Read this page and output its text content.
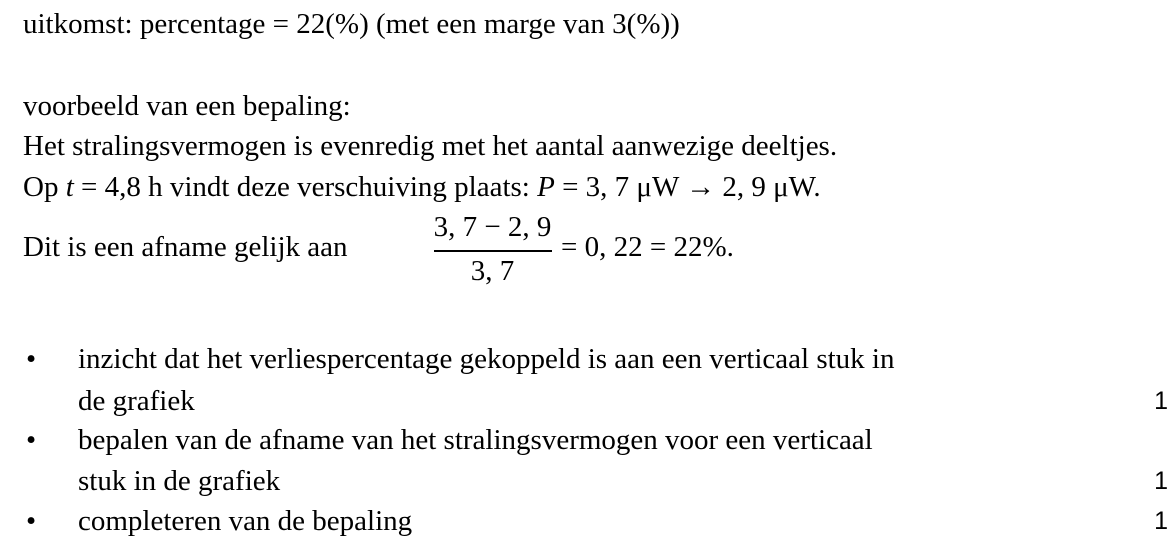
uitkomst: percentage = 22(%) (met een marge van 3(%))
voorbeeld van een bepaling:
Het stralingsvermogen is evenredig met het aantal aanwezige deeltjes.
Op t = 4,8 h vindt deze verschuiving plaats: P = 3, 7 μW → 2, 9 μW.
Dit is een afname gelijk aan
3, 7 − 2, 9
3, 7
= 0, 22 = 22%.
• inzicht dat het verliespercentage gekoppeld is aan een verticaal stuk in
de grafiek	1
• bepalen van de afname van het stralingsvermogen voor een verticaal
stuk in de grafiek	1
• completeren van de bepaling	1
